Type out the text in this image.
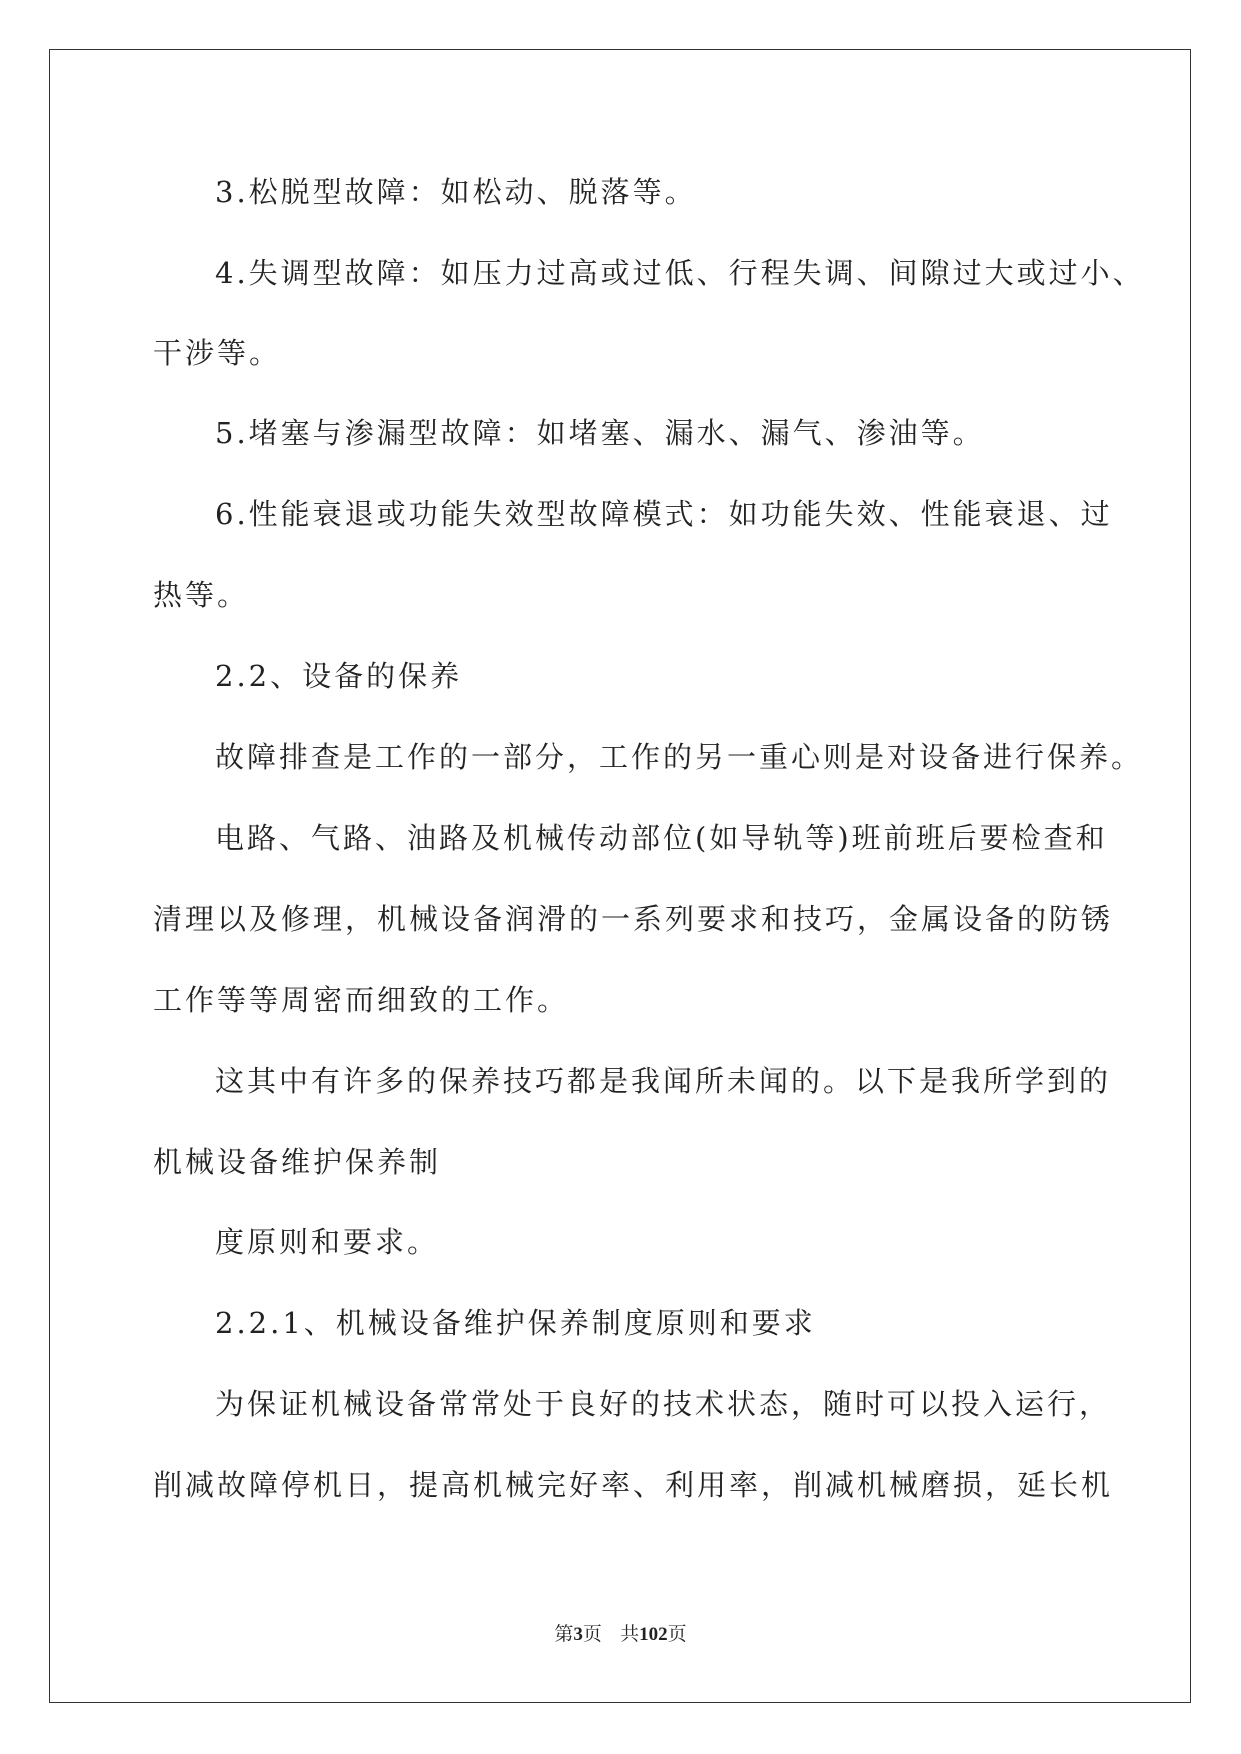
3.松脱型故障：如松动、脱落等。
4.失调型故障：如压力过高或过低、行程失调、间隙过大或过小、
干涉等。
5.堵塞与渗漏型故障：如堵塞、漏水、漏气、渗油等。
6.性能衰退或功能失效型故障模式：如功能失效、性能衰退、过
热等。
2.2、设备的保养
故障排查是工作的一部分，工作的另一重心则是对设备进行保养。
电路、气路、油路及机械传动部位(如导轨等)班前班后要检查和
清理以及修理，机械设备润滑的一系列要求和技巧，金属设备的防锈
工作等等周密而细致的工作。
这其中有许多的保养技巧都是我闻所未闻的。以下是我所学到的
机械设备维护保养制
度原则和要求。
2.2.1、机械设备维护保养制度原则和要求
为保证机械设备常常处于良好的技术状态，随时可以投入运行，
削减故障停机日，提高机械完好率、利用率，削减机械磨损，延长机
第3页 共102页
